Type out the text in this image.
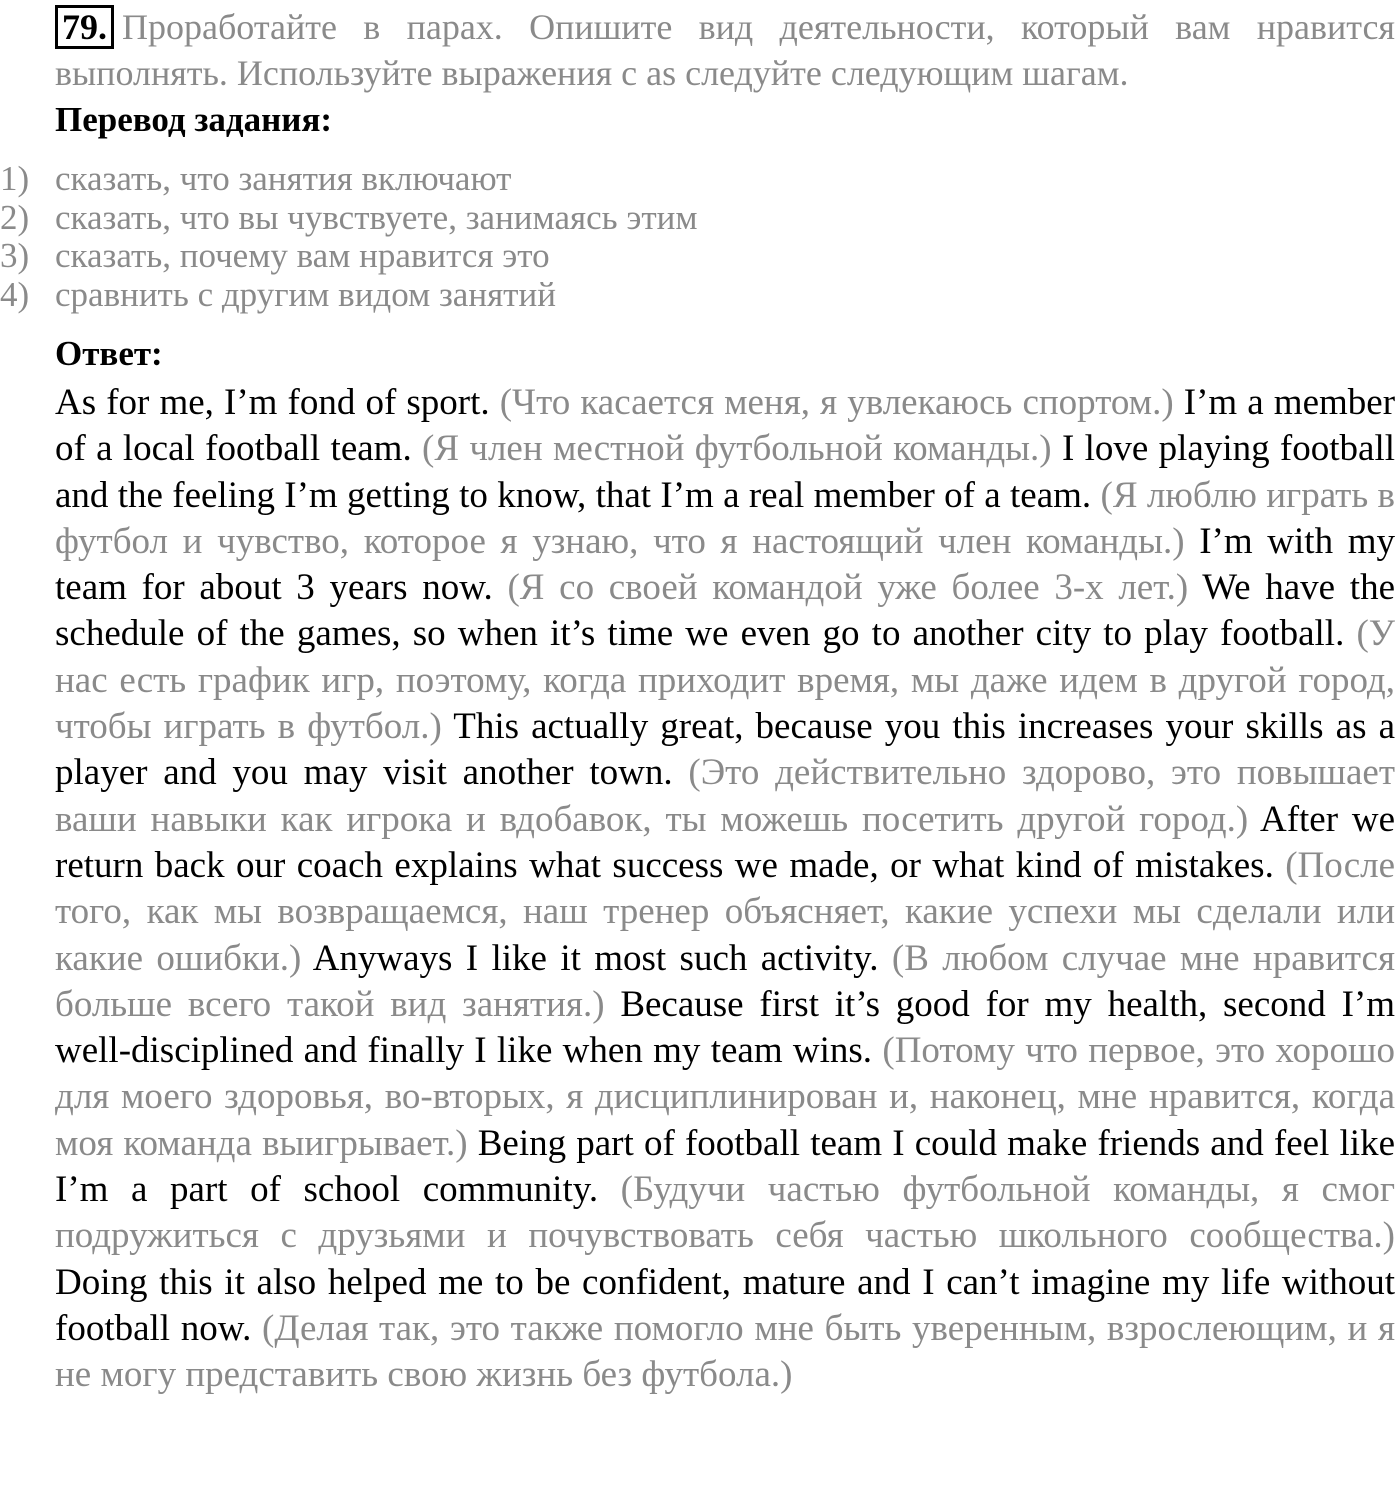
79. Проработайте в парах. Опишите вид деятельности, который вам нравится выполнять. Используйте выражения с as следуйте следующим шагам.
Перевод задания:
1) сказать, что занятия включают
2) сказать, что вы чувствуете, занимаясь этим
3) сказать, почему вам нравится это
4) сравнить с другим видом занятий
Ответ:
As for me, I’m fond of sport. (Что касается меня, я увлекаюсь спортом.) I’m a member of a local football team. (Я член местной футбольной команды.) I love playing football and the feeling I’m getting to know, that I’m a real member of a team. (Я люблю играть в футбол и чувство, которое я узнаю, что я настоящий член команды.) I’m with my team for about 3 years now. (Я со своей командой уже более 3-х лет.) We have the schedule of the games, so when it’s time we even go to another city to play football. (У нас есть график игр, поэтому, когда приходит время, мы даже идем в другой город, чтобы играть в футбол.) This actually great, because you this increases your skills as a player and you may visit another town. (Это действительно здорово, это повышает ваши навыки как игрока и вдобавок, ты можешь посетить другой город.) After we return back our coach explains what success we made, or what kind of mistakes. (После того, как мы возвращаемся, наш тренер объясняет, какие успехи мы сделали или какие ошибки.) Anyways I like it most such activity. (В любом случае мне нравится больше всего такой вид занятия.) Because first it’s good for my health, second I’m well-disciplined and finally I like when my team wins. (Потому что первое, это хорошо для моего здоровья, во-вторых, я дисциплинирован и, наконец, мне нравится, когда моя команда выигрывает.) Being part of football team I could make friends and feel like I’m a part of school community. (Будучи частью футбольной команды, я смог подружиться с друзьями и почувствовать себя частью школьного сообщества.) Doing this it also helped me to be confident, mature and I can’t imagine my life without football now. (Делая так, это также помогло мне быть уверенным, взрослеющим, и я не могу представить свою жизнь без футбола.)
